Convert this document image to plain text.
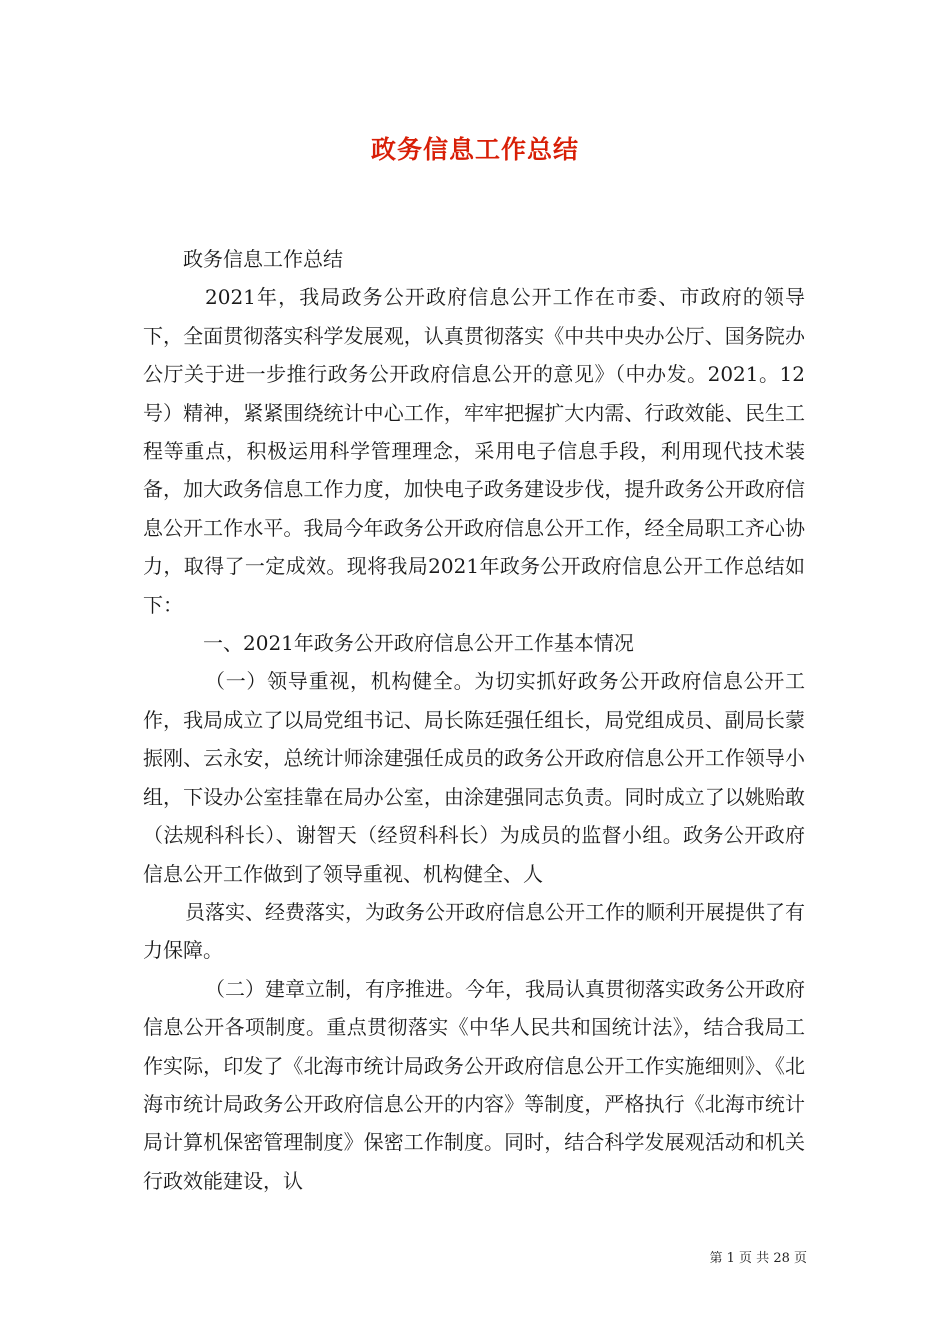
政务信息工作总结

政务信息工作总结

2021年，我局政务公开政府信息公开工作在市委、市政府的领导下，全面贯彻落实科学发展观，认真贯彻落实《中共中央办公厅、国务院办公厅关于进一步推行政务公开政府信息公开的意见》（中办发。2021。12号）精神，紧紧围绕统计中心工作，牢牢把握扩大内需、行政效能、民生工程等重点，积极运用科学管理理念，采用电子信息手段，利用现代技术装备，加大政务信息工作力度，加快电子政务建设步伐，提升政务公开政府信息公开工作水平。我局今年政务公开政府信息公开工作，经全局职工齐心协力，取得了一定成效。现将我局2021年政务公开政府信息公开工作总结如下：

一、2021年政务公开政府信息公开工作基本情况

（一）领导重视，机构健全。为切实抓好政务公开政府信息公开工作，我局成立了以局党组书记、局长陈廷强任组长，局党组成员、副局长蒙振刚、云永安，总统计师涂建强任成员的政务公开政府信息公开工作领导小组，下设办公室挂靠在局办公室，由涂建强同志负责。同时成立了以姚贻敢（法规科科长）、谢智天（经贸科科长）为成员的监督小组。政务公开政府信息公开工作做到了领导重视、机构健全、人

员落实、经费落实，为政务公开政府信息公开工作的顺利开展提供了有力保障。

（二）建章立制，有序推进。今年，我局认真贯彻落实政务公开政府信息公开各项制度。重点贯彻落实《中华人民共和国统计法》，结合我局工作实际，印发了《北海市统计局政务公开政府信息公开工作实施细则》、《北海市统计局政务公开政府信息公开的内容》等制度，严格执行《北海市统计局计算机保密管理制度》保密工作制度。同时，结合科学发展观活动和机关行政效能建设，认

第 1 页 共 28 页
